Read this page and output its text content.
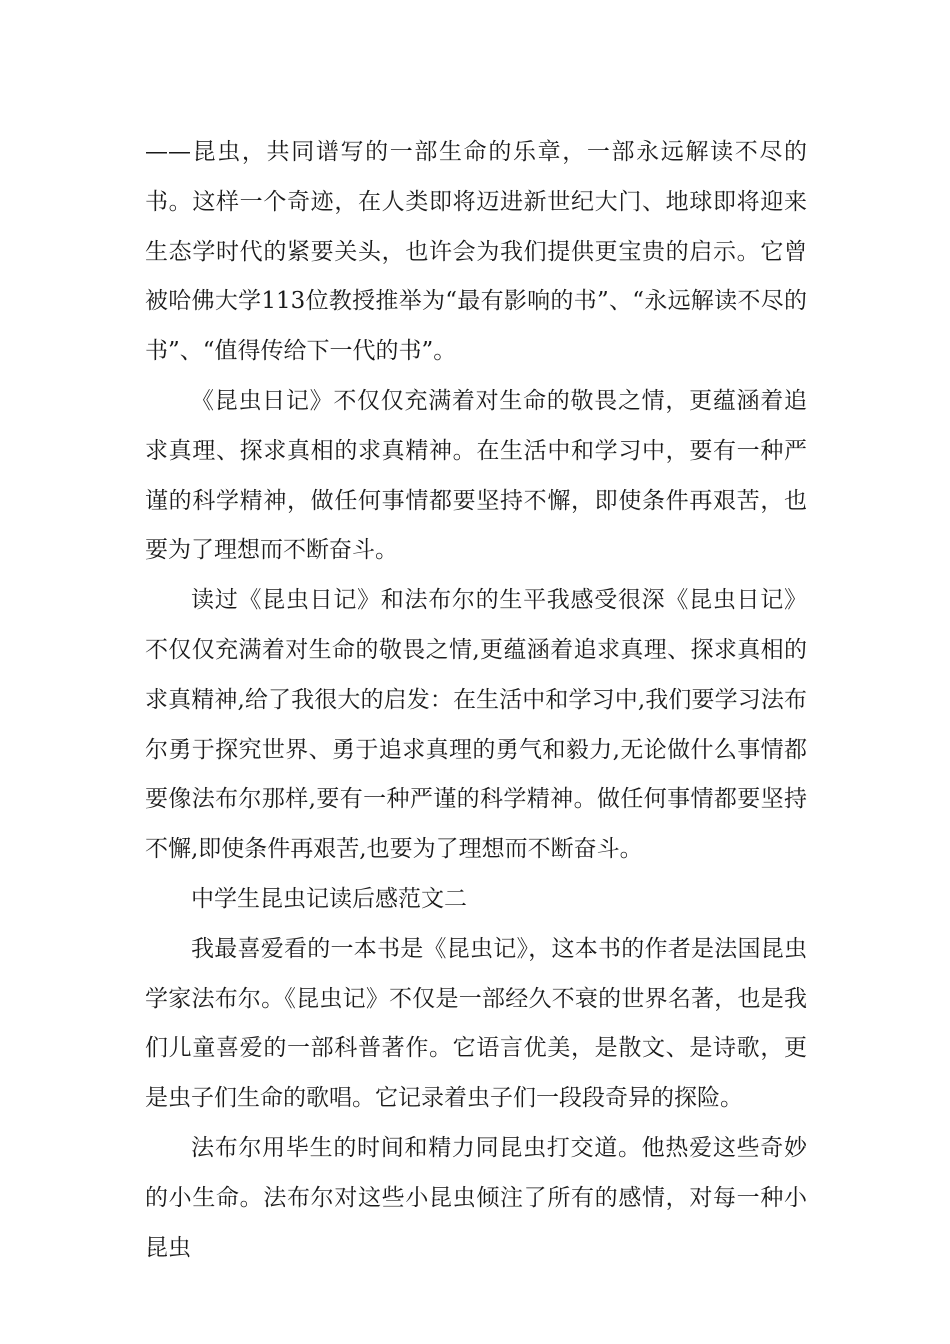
——昆虫，共同谱写的一部生命的乐章，一部永远解读不尽的书。这样一个奇迹，在人类即将迈进新世纪大门、地球即将迎来生态学时代的紧要关头，也许会为我们提供更宝贵的启示。它曾被哈佛大学113位教授推举为“最有影响的书”、“永远解读不尽的书”、“值得传给下一代的书”。

《昆虫日记》不仅仅充满着对生命的敬畏之情，更蕴涵着追求真理、探求真相的求真精神。在生活中和学习中，要有一种严谨的科学精神，做任何事情都要坚持不懈，即使条件再艰苦，也要为了理想而不断奋斗。

读过《昆虫日记》和法布尔的生平我感受很深《昆虫日记》不仅仅充满着对生命的敬畏之情,更蕴涵着追求真理、探求真相的求真精神,给了我很大的启发：在生活中和学习中,我们要学习法布尔勇于探究世界、勇于追求真理的勇气和毅力,无论做什么事情都要像法布尔那样,要有一种严谨的科学精神。做任何事情都要坚持不懈,即使条件再艰苦,也要为了理想而不断奋斗。

中学生昆虫记读后感范文二

我最喜爱看的一本书是《昆虫记》，这本书的作者是法国昆虫学家法布尔。《昆虫记》不仅是一部经久不衰的世界名著，也是我们儿童喜爱的一部科普著作。它语言优美，是散文、是诗歌，更是虫子们生命的歌唱。它记录着虫子们一段段奇异的探险。

法布尔用毕生的时间和精力同昆虫打交道。他热爱这些奇妙的小生命。法布尔对这些小昆虫倾注了所有的感情，对每一种小昆虫
